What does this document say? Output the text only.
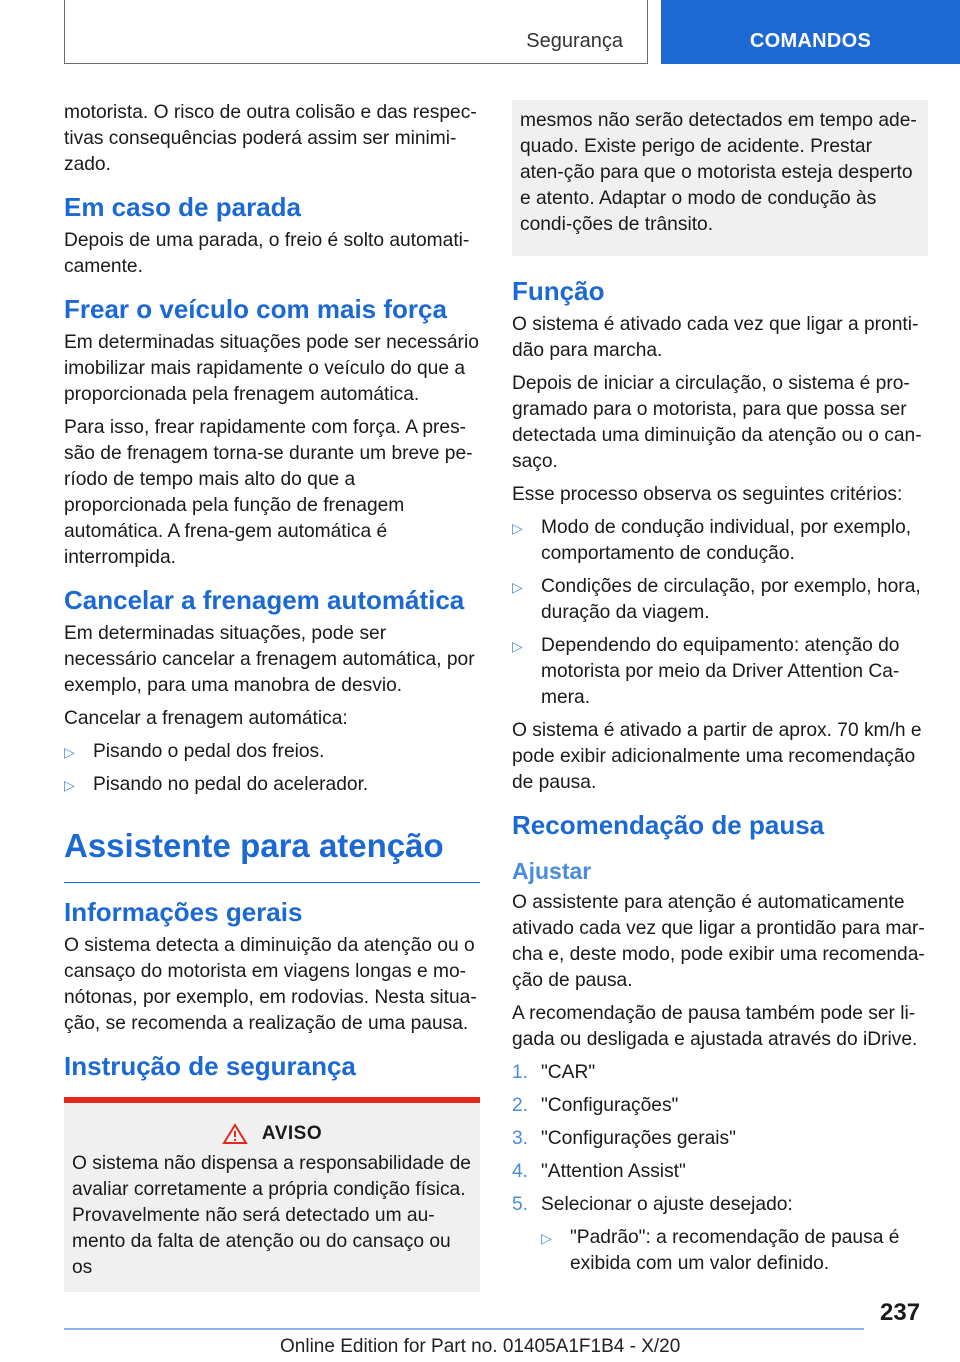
Segurança	COMANDOS

motorista. O risco de outra colisão e das respec-tivas consequências poderá assim ser minimi-zado.

Em caso de parada

Depois de uma parada, o freio é solto automati-camente.

Frear o veículo com mais força

Em determinadas situações pode ser necessário imobilizar mais rapidamente o veículo do que a proporcionada pela frenagem automática.

Para isso, frear rapidamente com força. A pres-são de frenagem torna-se durante um breve pe-ríodo de tempo mais alto do que a proporcionada pela função de frenagem automática. A frena-gem automática é interrompida.

Cancelar a frenagem automática

Em determinadas situações, pode ser necessário cancelar a frenagem automática, por exemplo, para uma manobra de desvio.

Cancelar a frenagem automática:

▷ Pisando o pedal dos freios.
▷ Pisando no pedal do acelerador.
Assistente para atenção
Informações gerais

O sistema detecta a diminuição da atenção ou o cansaço do motorista em viagens longas e mo-nótonas, por exemplo, em rodovias. Nesta situa-ção, se recomenda a realização de uma pausa.

Instrução de segurança
AVISO

O sistema não dispensa a responsabilidade de avaliar corretamente a própria condição física. Provavelmente não será detectado um au-mento da falta de atenção ou do cansaço ou os

mesmos não serão detectados em tempo ade-quado. Existe perigo de acidente. Prestar aten-ção para que o motorista esteja desperto e atento. Adaptar o modo de condução às condi-ções de trânsito.

Função

O sistema é ativado cada vez que ligar a pronti-dão para marcha.

Depois de iniciar a circulação, o sistema é pro-gramado para o motorista, para que possa ser detectada uma diminuição da atenção ou o can-saço.

Esse processo observa os seguintes critérios:

▷ Modo de condução individual, por exemplo, comportamento de condução.
▷ Condições de circulação, por exemplo, hora, duração da viagem.
▷ Dependendo do equipamento: atenção do motorista por meio da Driver Attention Ca-mera.

O sistema é ativado a partir de aprox. 70 km/h e pode exibir adicionalmente uma recomendação de pausa.

Recomendação de pausa
Ajustar

O assistente para atenção é automaticamente ativado cada vez que ligar a prontidão para mar-cha e, deste modo, pode exibir uma recomenda-ção de pausa.

A recomendação de pausa também pode ser li-gada ou desligada e ajustada através do iDrive.

1. "CAR"
2. "Configurações"
3. "Configurações gerais"
4. "Attention Assist"
5. Selecionar o ajuste desejado:
▷ "Padrão": a recomendação de pausa é exibida com um valor definido.
237
Online Edition for Part no. 01405A1F1B4 - X/20
